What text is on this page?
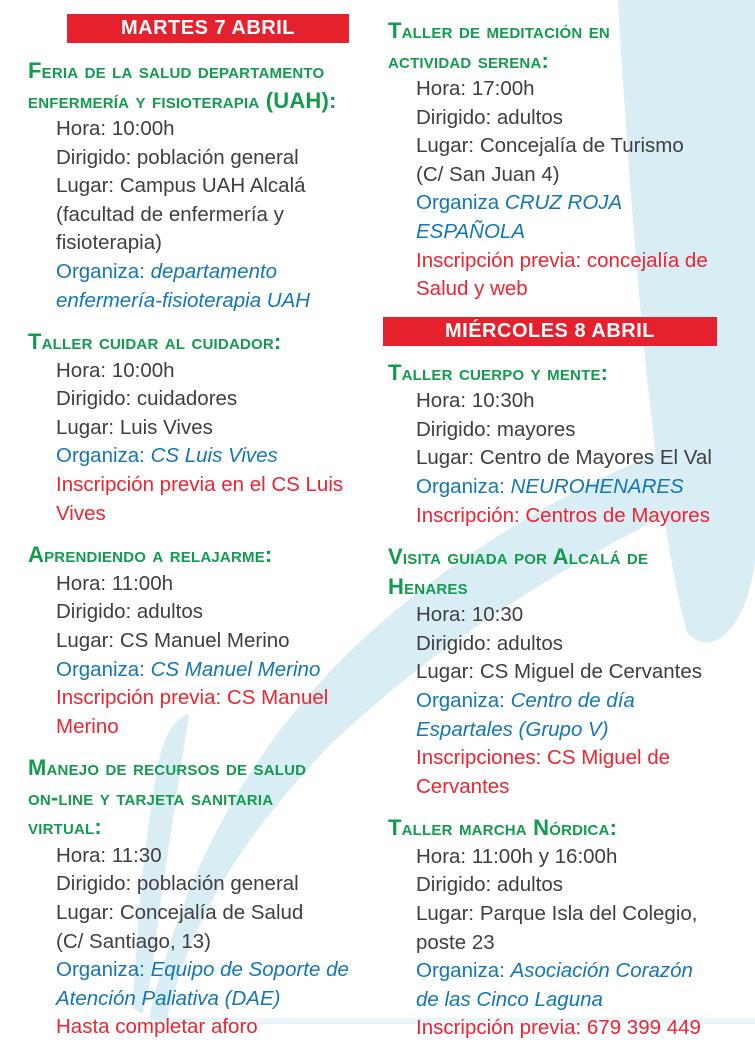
MARTES 7 ABRIL
Feria de la salud departamento
enfermería y fisioterapia (UAH):
Hora: 10:00h
Dirigido: población general
Lugar: Campus UAH Alcalá
(facultad de enfermería y
fisioterapia)
Organiza: departamento
enfermería-fisioterapia UAH
Taller cuidar al cuidador:
Hora: 10:00h
Dirigido: cuidadores
Lugar: Luis Vives
Organiza: CS Luis Vives
Inscripción previa en el CS Luis
Vives
Aprendiendo a relajarme:
Hora: 11:00h
Dirigido: adultos
Lugar: CS Manuel Merino
Organiza: CS Manuel Merino
Inscripción previa: CS Manuel
Merino
Manejo de recursos de salud
on-line y tarjeta sanitaria
virtual:
Hora: 11:30
Dirigido: población general
Lugar: Concejalía de Salud
(C/ Santiago, 13)
Organiza: Equipo de Soporte de
Atención Paliativa (DAE)
Hasta completar aforo
Taller de meditación en
actividad serena:
Hora: 17:00h
Dirigido: adultos
Lugar: Concejalía de Turismo
(C/ San Juan 4)
Organiza CRUZ ROJA ESPAÑOLA
Inscripción previa: concejalía de
Salud y web
MIÉRCOLES 8 ABRIL
Taller cuerpo y mente:
Hora: 10:30h
Dirigido: mayores
Lugar: Centro de Mayores El Val
Organiza: NEUROHENARES
Inscripción: Centros de Mayores
Visita guiada por Alcalá de
Henares
Hora: 10:30
Dirigido: adultos
Lugar: CS Miguel de Cervantes
Organiza: Centro de día
Espartales (Grupo V)
Inscripciones: CS Miguel de
Cervantes
Taller marcha Nórdica:
Hora: 11:00h y 16:00h
Dirigido: adultos
Lugar: Parque Isla del Colegio,
poste 23
Organiza: Asociación Corazón
de las Cinco Laguna
Inscripción previa: 679 399 449
